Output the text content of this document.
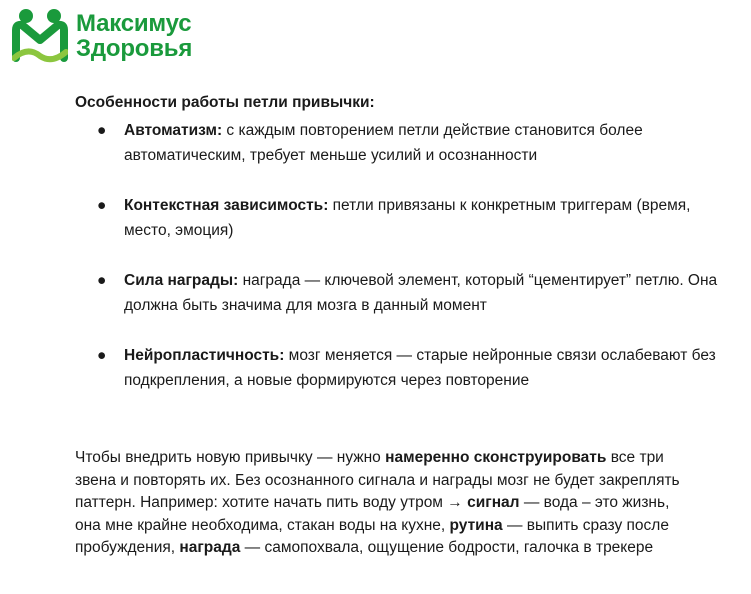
Максимус
Здоровья

Особенности работы петли привычки:

● Автоматизм: с каждым повторением петли действие становится более автоматическим, требует меньше усилий и осознанности
● Контекстная зависимость: петли привязаны к конкретным триггерам (время, место, эмоция)
● Сила награды: награда — ключевой элемент, который “цементирует” петлю. Она должна быть значима для мозга в данный момент
● Нейропластичность: мозг меняется — старые нейронные связи ослабевают без подкрепления, а новые формируются через повторение

Чтобы внедрить новую привычку — нужно намеренно сконструировать все три звена и повторять их. Без осознанного сигнала и награды мозг не будет закреплять паттерн. Например: хотите начать пить воду утром → сигнал — вода – это жизнь, она мне крайне необходима, стакан воды на кухне, рутина — выпить сразу после пробуждения, награда — самопохвала, ощущение бодрости, галочка в трекере
